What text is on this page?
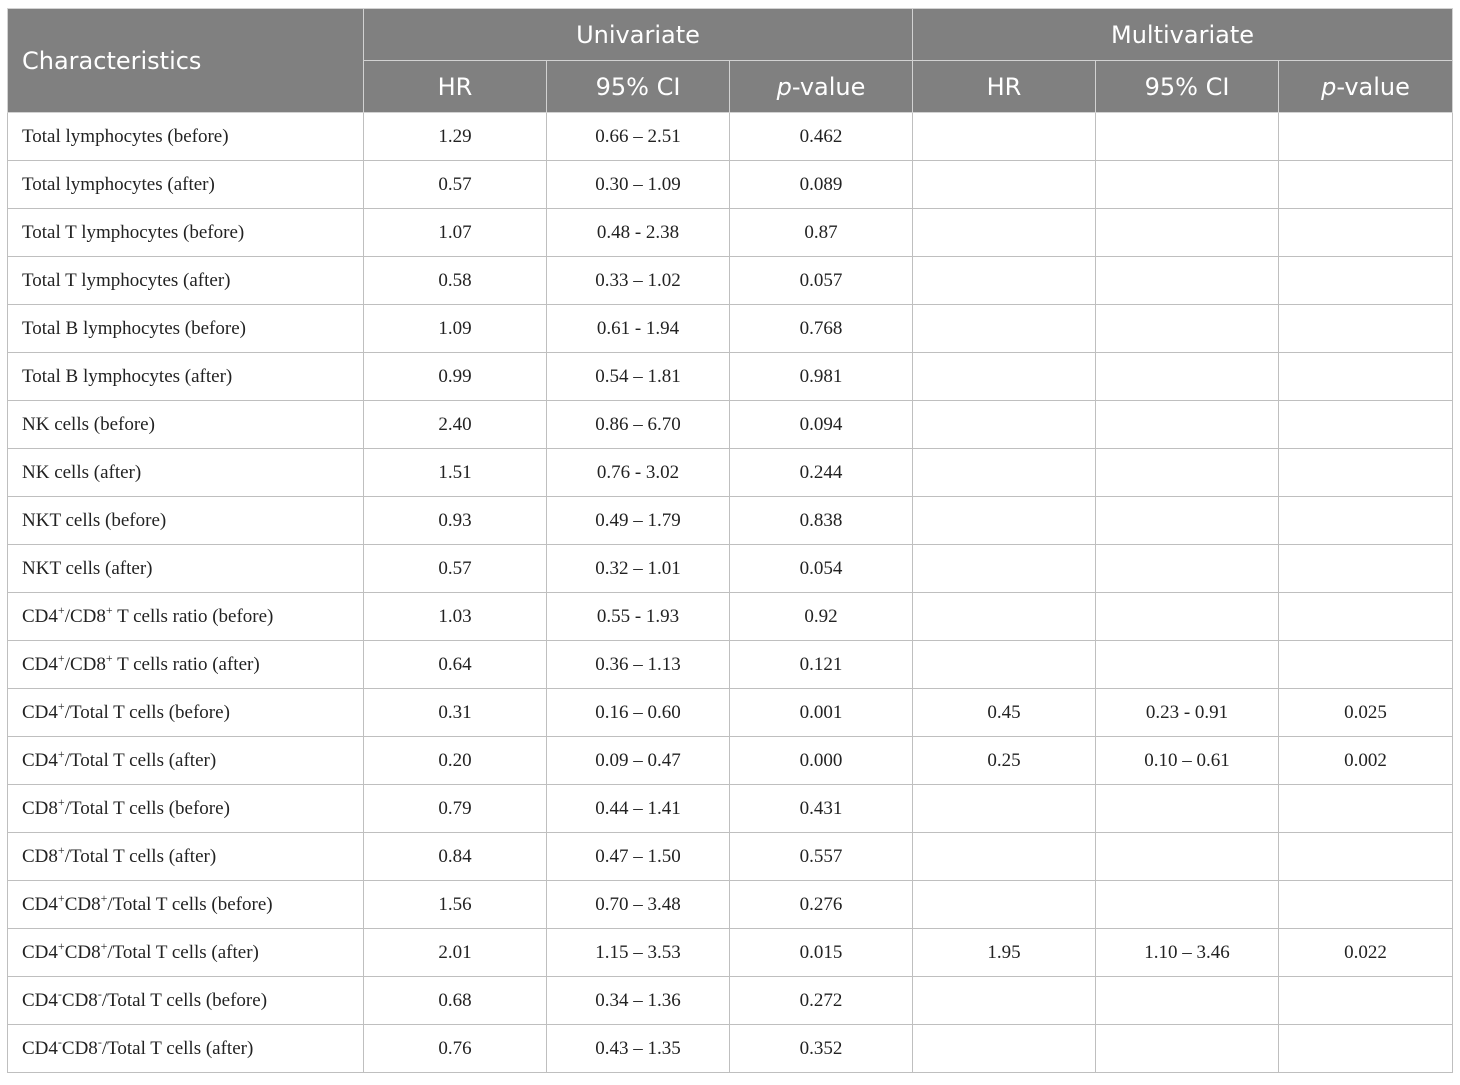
Characteristics	Univariate			Multivariate		
	HR	95% CI	p-value	HR	95% CI	p-value
Total lymphocytes (before)	1.29	0.66 – 2.51	0.462			
Total lymphocytes (after)	0.57	0.30 – 1.09	0.089			
Total T lymphocytes (before)	1.07	0.48 - 2.38	0.87			
Total T lymphocytes (after)	0.58	0.33 – 1.02	0.057			
Total B lymphocytes (before)	1.09	0.61 - 1.94	0.768			
Total B lymphocytes (after)	0.99	0.54 – 1.81	0.981			
NK cells (before)	2.40	0.86 – 6.70	0.094			
NK cells (after)	1.51	0.76 - 3.02	0.244			
NKT cells (before)	0.93	0.49 – 1.79	0.838			
NKT cells (after)	0.57	0.32 – 1.01	0.054			
CD4+/CD8+ T cells ratio (before)	1.03	0.55 - 1.93	0.92			
CD4+/CD8+ T cells ratio (after)	0.64	0.36 – 1.13	0.121			
CD4+/Total T cells (before)	0.31	0.16 – 0.60	0.001	0.45	0.23 - 0.91	0.025
CD4+/Total T cells (after)	0.20	0.09 – 0.47	0.000	0.25	0.10 – 0.61	0.002
CD8+/Total T cells (before)	0.79	0.44 – 1.41	0.431			
CD8+/Total T cells (after)	0.84	0.47 – 1.50	0.557			
CD4+CD8+/Total T cells (before)	1.56	0.70 – 3.48	0.276			
CD4+CD8+/Total T cells (after)	2.01	1.15 – 3.53	0.015	1.95	1.10 – 3.46	0.022
CD4-CD8-/Total T cells (before)	0.68	0.34 – 1.36	0.272			
CD4-CD8-/Total T cells (after)	0.76	0.43 – 1.35	0.352			
